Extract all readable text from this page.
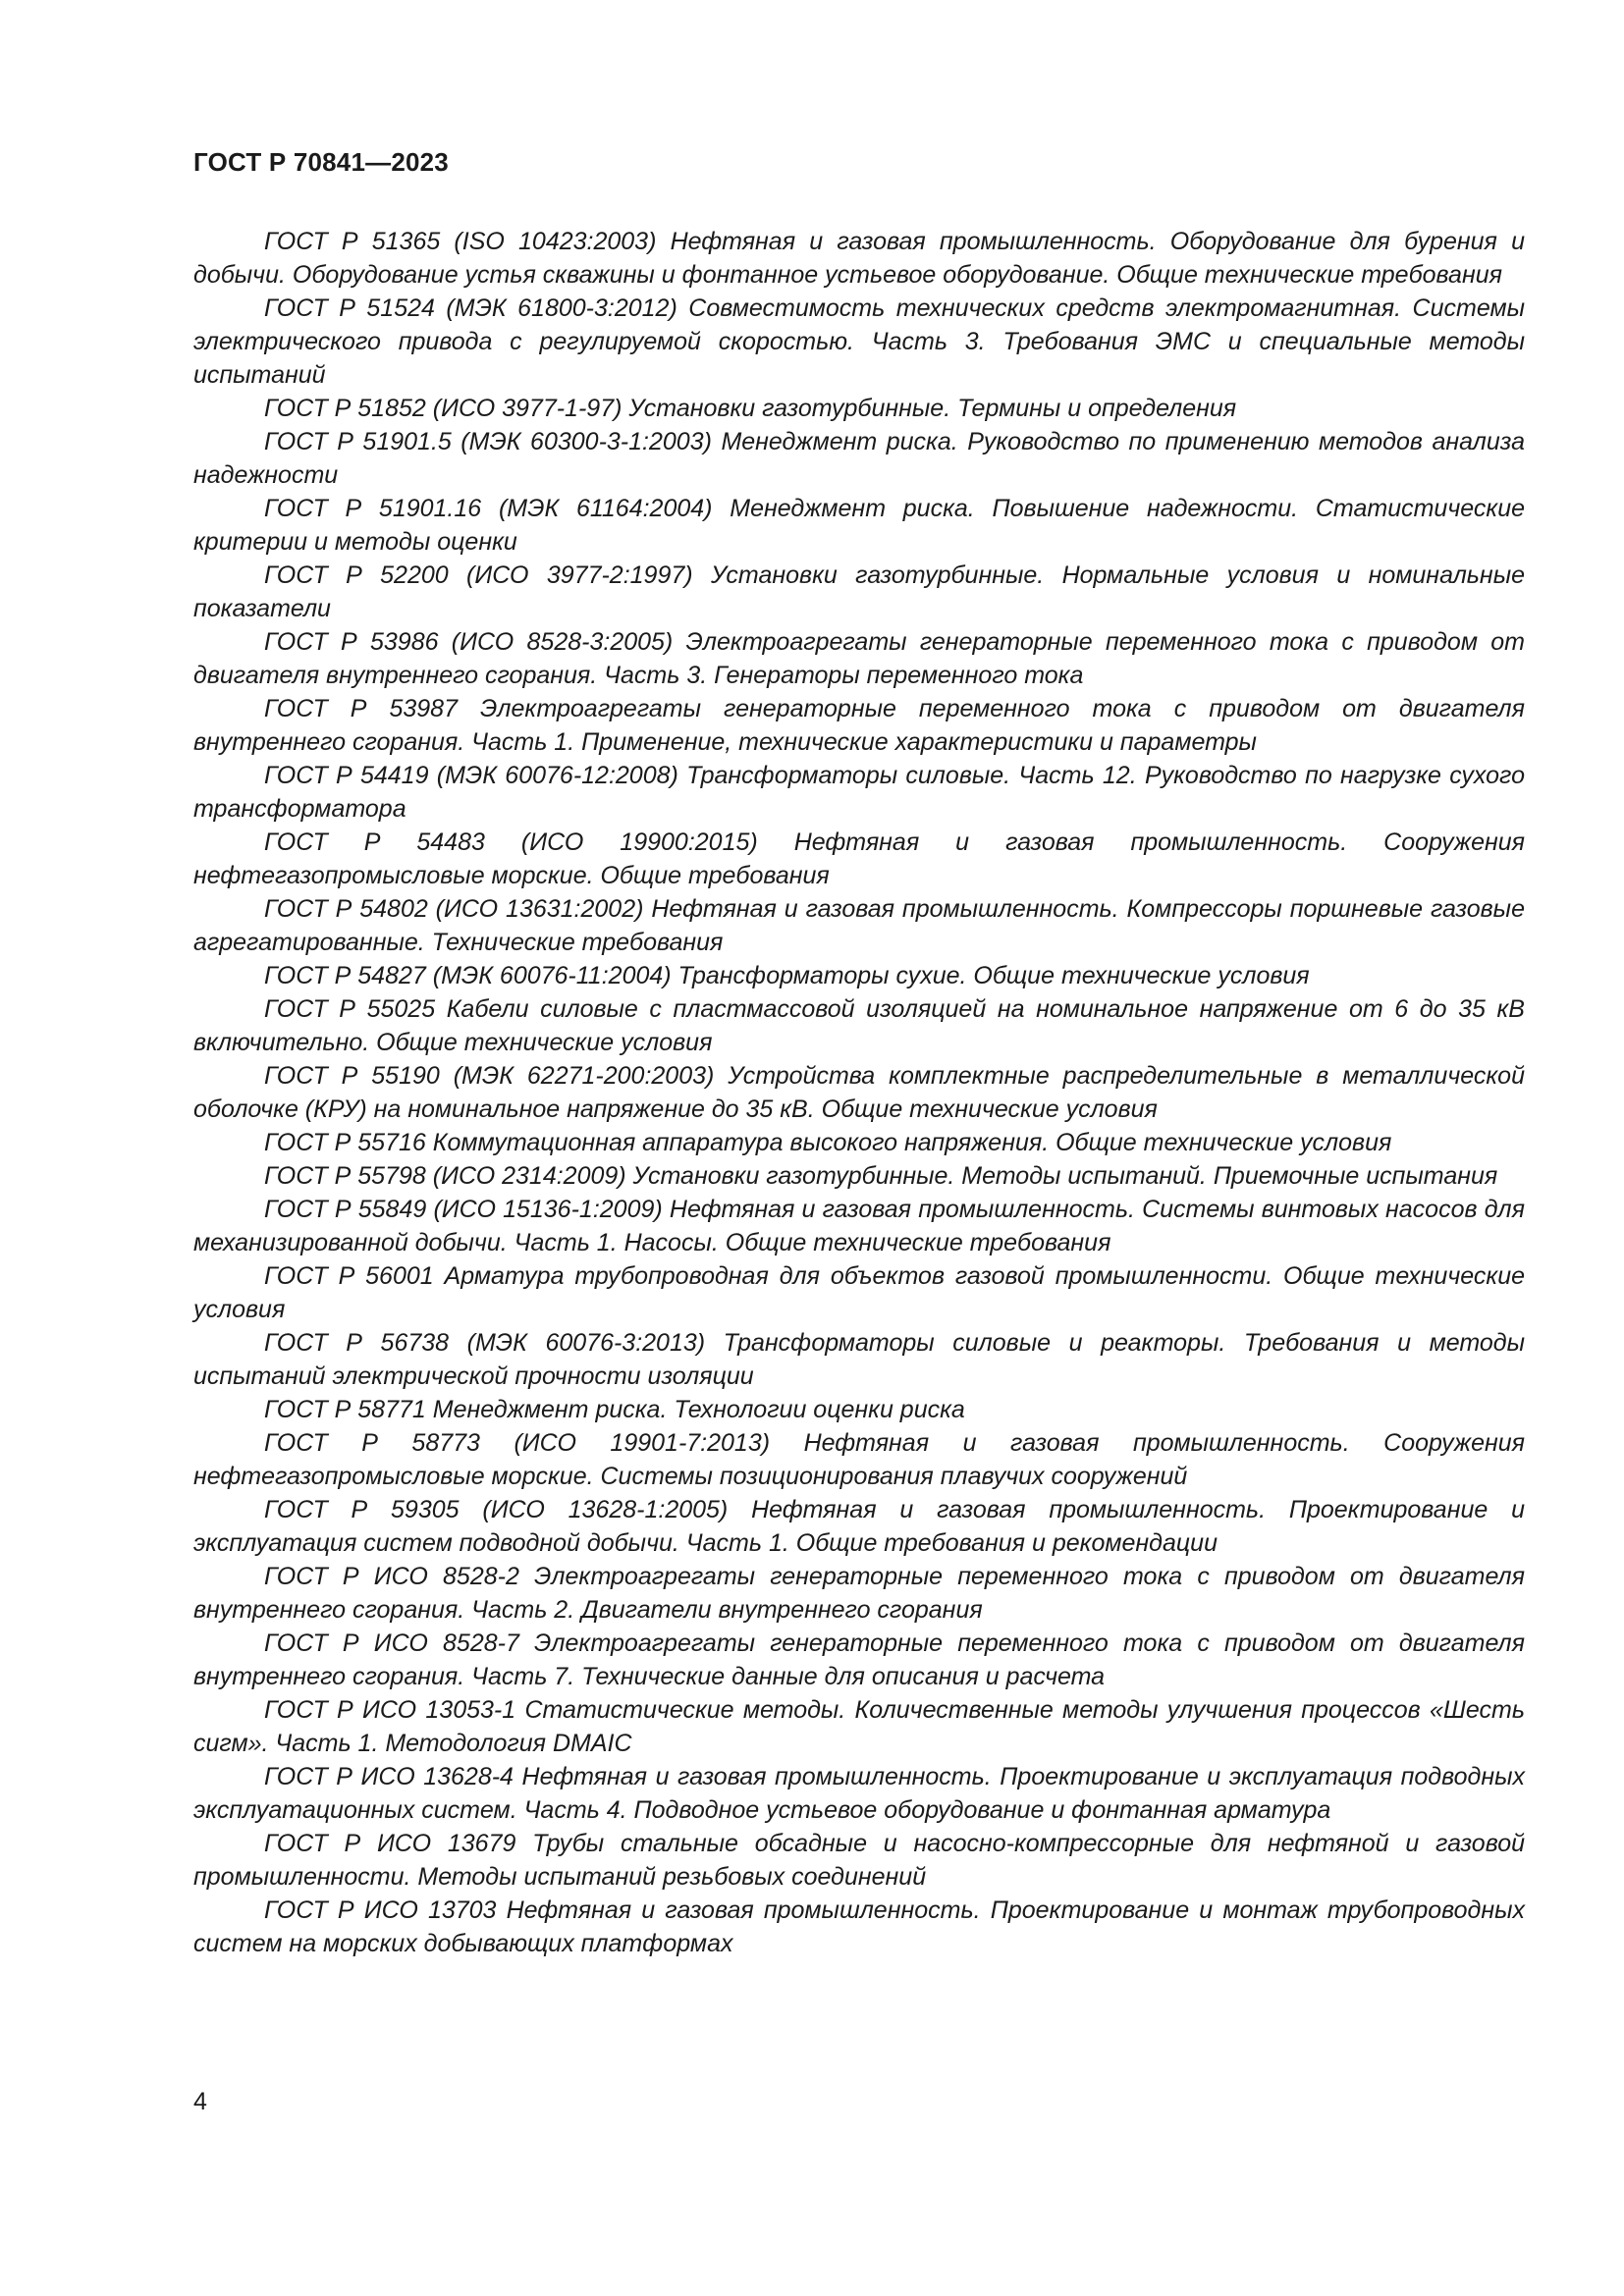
ГОСТ Р 70841—2023

ГОСТ Р 51365 (ISO 10423:2003) Нефтяная и газовая промышленность. Оборудование для бурения и добычи. Оборудование устья скважины и фонтанное устьевое оборудование. Общие технические требования

ГОСТ Р 51524 (МЭК 61800-3:2012) Совместимость технических средств электромагнитная. Системы электрического привода с регулируемой скоростью. Часть 3. Требования ЭМС и специальные методы испытаний

ГОСТ Р 51852 (ИСО 3977-1-97) Установки газотурбинные. Термины и определения

ГОСТ Р 51901.5 (МЭК 60300-3-1:2003) Менеджмент риска. Руководство по применению методов анализа надежности

ГОСТ Р 51901.16 (МЭК 61164:2004) Менеджмент риска. Повышение надежности. Статистические критерии и методы оценки

ГОСТ Р 52200 (ИСО 3977-2:1997) Установки газотурбинные. Нормальные условия и номинальные показатели

ГОСТ Р 53986 (ИСО 8528-3:2005) Электроагрегаты генераторные переменного тока с приводом от двигателя внутреннего сгорания. Часть 3. Генераторы переменного тока

ГОСТ Р 53987 Электроагрегаты генераторные переменного тока с приводом от двигателя внутреннего сгорания. Часть 1. Применение, технические характеристики и параметры

ГОСТ Р 54419 (МЭК 60076-12:2008) Трансформаторы силовые. Часть 12. Руководство по нагрузке сухого трансформатора

ГОСТ Р 54483 (ИСО 19900:2015) Нефтяная и газовая промышленность. Сооружения нефтегазопромысловые морские. Общие требования

ГОСТ Р 54802 (ИСО 13631:2002) Нефтяная и газовая промышленность. Компрессоры поршневые газовые агрегатированные. Технические требования

ГОСТ Р 54827 (МЭК 60076-11:2004) Трансформаторы сухие. Общие технические условия

ГОСТ Р 55025 Кабели силовые с пластмассовой изоляцией на номинальное напряжение от 6 до 35 кВ включительно. Общие технические условия

ГОСТ Р 55190 (МЭК 62271-200:2003) Устройства комплектные распределительные в металлической оболочке (КРУ) на номинальное напряжение до 35 кВ. Общие технические условия

ГОСТ Р 55716 Коммутационная аппаратура высокого напряжения. Общие технические условия

ГОСТ Р 55798 (ИСО 2314:2009) Установки газотурбинные. Методы испытаний. Приемочные испытания

ГОСТ Р 55849 (ИСО 15136-1:2009) Нефтяная и газовая промышленность. Системы винтовых насосов для механизированной добычи. Часть 1. Насосы. Общие технические требования

ГОСТ Р 56001 Арматура трубопроводная для объектов газовой промышленности. Общие технические условия

ГОСТ Р 56738 (МЭК 60076-3:2013) Трансформаторы силовые и реакторы. Требования и методы испытаний электрической прочности изоляции

ГОСТ Р 58771 Менеджмент риска. Технологии оценки риска

ГОСТ Р 58773 (ИСО 19901-7:2013) Нефтяная и газовая промышленность. Сооружения нефтегазопромысловые морские. Системы позиционирования плавучих сооружений

ГОСТ Р 59305 (ИСО 13628-1:2005) Нефтяная и газовая промышленность. Проектирование и эксплуатация систем подводной добычи. Часть 1. Общие требования и рекомендации

ГОСТ Р ИСО 8528-2 Электроагрегаты генераторные переменного тока с приводом от двигателя внутреннего сгорания. Часть 2. Двигатели внутреннего сгорания

ГОСТ Р ИСО 8528-7 Электроагрегаты генераторные переменного тока с приводом от двигателя внутреннего сгорания. Часть 7. Технические данные для описания и расчета

ГОСТ Р ИСО 13053-1 Статистические методы. Количественные методы улучшения процессов «Шесть сигм». Часть 1. Методология DMAIC

ГОСТ Р ИСО 13628-4 Нефтяная и газовая промышленность. Проектирование и эксплуатация подводных эксплуатационных систем. Часть 4. Подводное устьевое оборудование и фонтанная арматура

ГОСТ Р ИСО 13679 Трубы стальные обсадные и насосно-компрессорные для нефтяной и газовой промышленности. Методы испытаний резьбовых соединений

ГОСТ Р ИСО 13703 Нефтяная и газовая промышленность. Проектирование и монтаж трубопроводных систем на морских добывающих платформах

4
